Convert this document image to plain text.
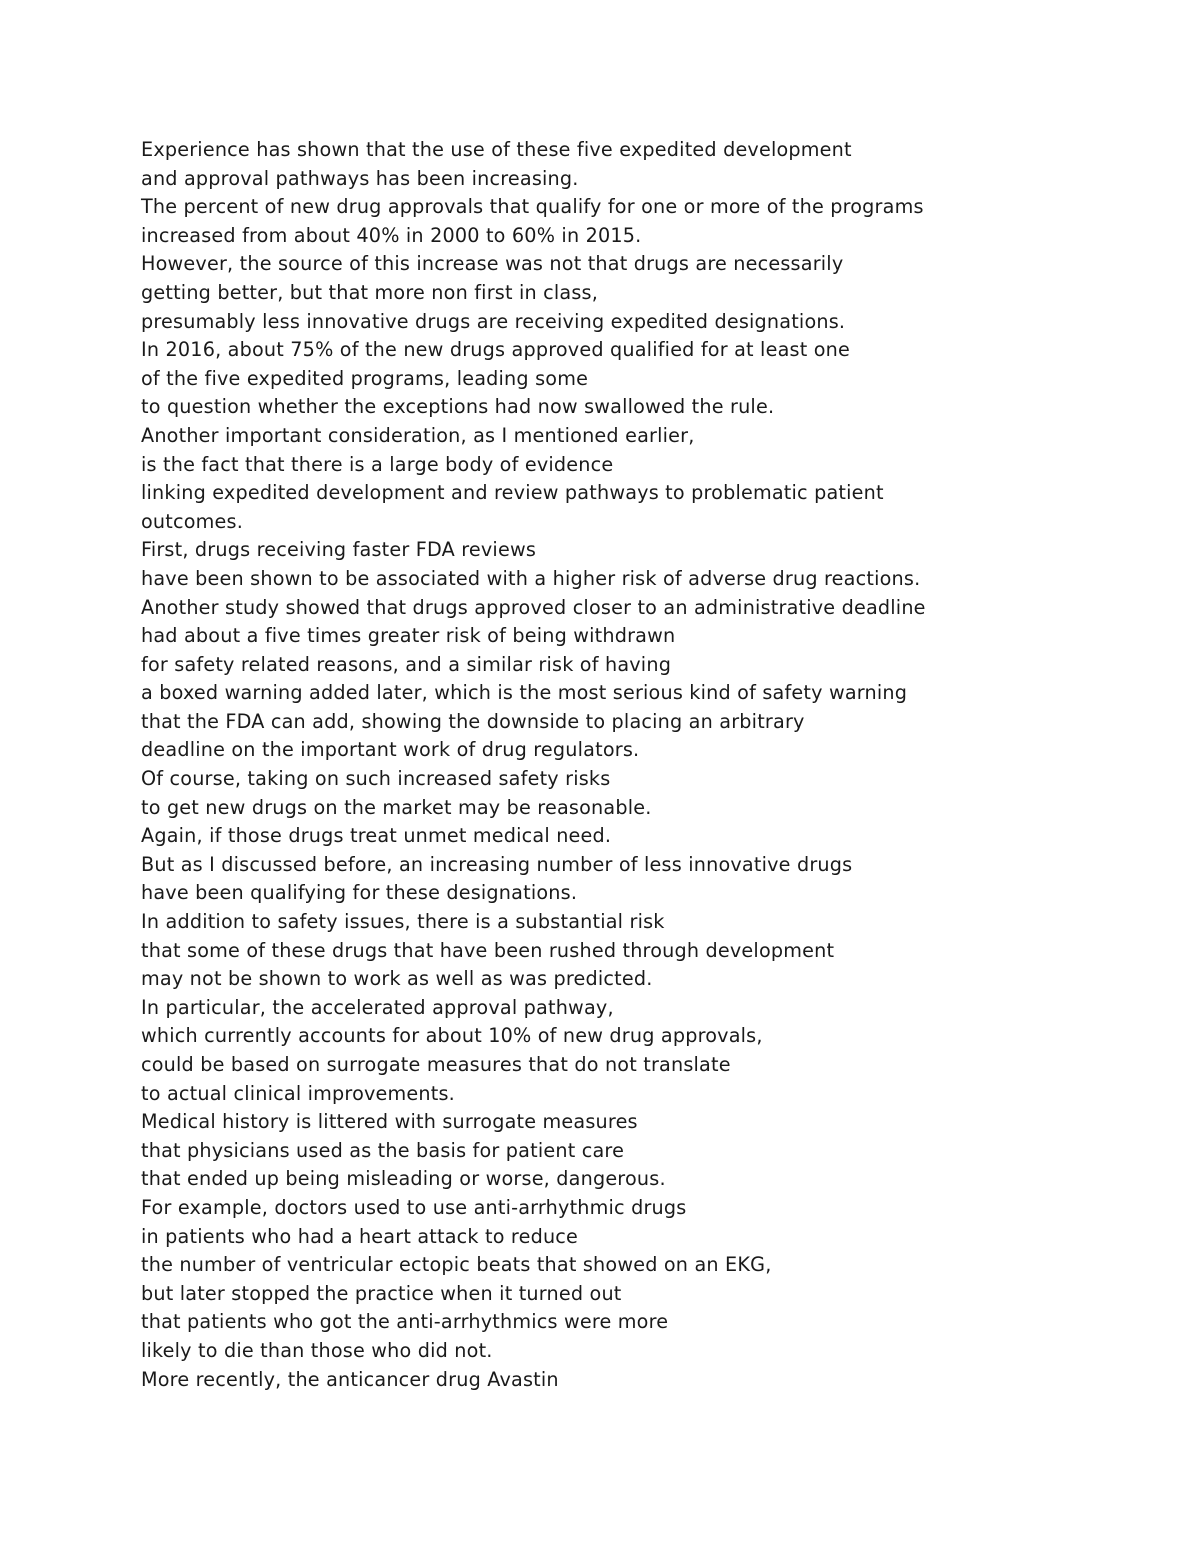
Experience has shown that the use of these five expedited development
and approval pathways has been increasing.
The percent of new drug approvals that qualify for one or more of the programs
increased from about 40% in 2000 to 60% in 2015.
However, the source of this increase was not that drugs are necessarily
getting better, but that more non first in class,
presumably less innovative drugs are receiving expedited designations.
In 2016, about 75% of the new drugs approved qualified for at least one
of the five expedited programs, leading some
to question whether the exceptions had now swallowed the rule.
Another important consideration, as I mentioned earlier,
is the fact that there is a large body of evidence
linking expedited development and review pathways to problematic patient
outcomes.
First, drugs receiving faster FDA reviews
have been shown to be associated with a higher risk of adverse drug reactions.
Another study showed that drugs approved closer to an administrative deadline
had about a five times greater risk of being withdrawn
for safety related reasons, and a similar risk of having
a boxed warning added later, which is the most serious kind of safety warning
that the FDA can add, showing the downside to placing an arbitrary
deadline on the important work of drug regulators.
Of course, taking on such increased safety risks
to get new drugs on the market may be reasonable.
Again, if those drugs treat unmet medical need.
But as I discussed before, an increasing number of less innovative drugs
have been qualifying for these designations.
In addition to safety issues, there is a substantial risk
that some of these drugs that have been rushed through development
may not be shown to work as well as was predicted.
In particular, the accelerated approval pathway,
which currently accounts for about 10% of new drug approvals,
could be based on surrogate measures that do not translate
to actual clinical improvements.
Medical history is littered with surrogate measures
that physicians used as the basis for patient care
that ended up being misleading or worse, dangerous.
For example, doctors used to use anti-arrhythmic drugs
in patients who had a heart attack to reduce
the number of ventricular ectopic beats that showed on an EKG,
but later stopped the practice when it turned out
that patients who got the anti-arrhythmics were more
likely to die than those who did not.
More recently, the anticancer drug Avastin
